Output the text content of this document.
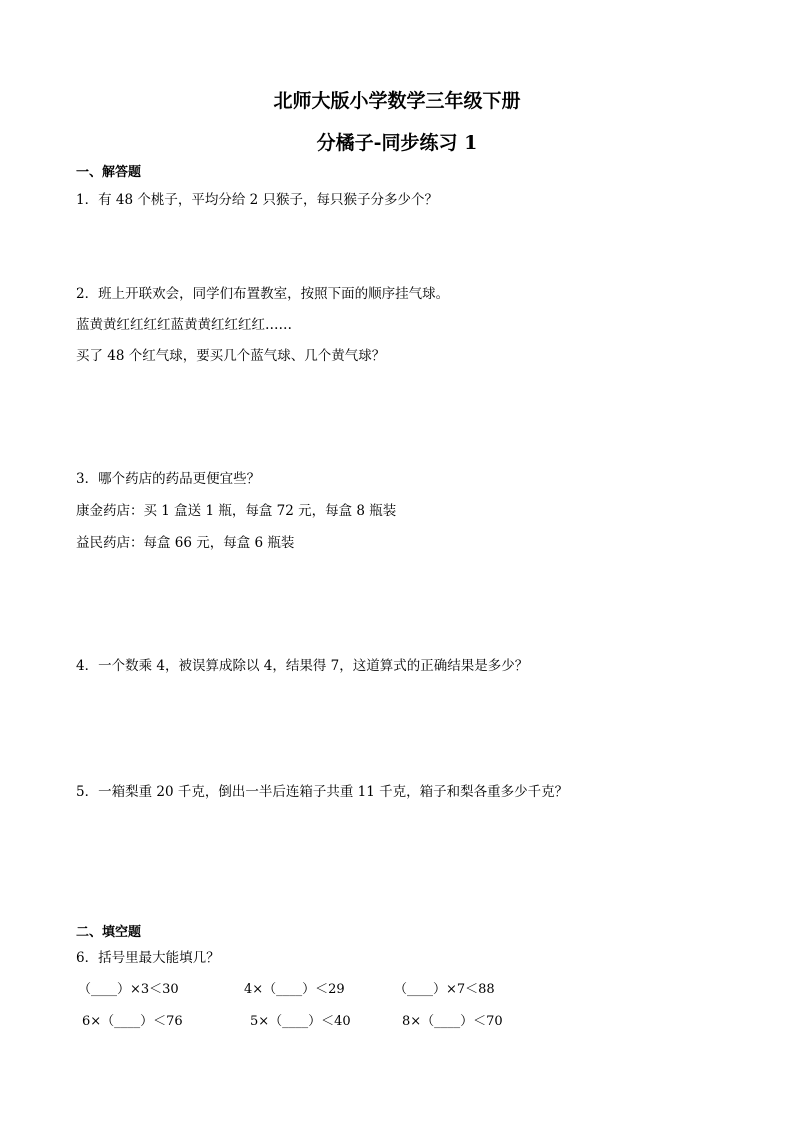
北师大版小学数学三年级下册
分橘子-同步练习 1
一、解答题
1．有 48 个桃子，平均分给 2 只猴子，每只猴子分多少个？
2．班上开联欢会，同学们布置教室，按照下面的顺序挂气球。
蓝黄黄红红红红蓝黄黄红红红红……
买了 48 个红气球，要买几个蓝气球、几个黄气球？
3．哪个药店的药品更便宜些？
康金药店：买 1 盒送 1 瓶，每盒 72 元，每盒 8 瓶装
益民药店：每盒 66 元，每盒 6 瓶装
4．一个数乘 4，被误算成除以 4，结果得 7，这道算式的正确结果是多少？
5．一箱梨重 20 千克，倒出一半后连箱子共重 11 千克，箱子和梨各重多少千克？
二、填空题
6．括号里最大能填几？
（____）×3＜30	4×（____）＜29	（____）×7＜88
6×（____）＜76	5×（____）＜40	8×（____）＜70
